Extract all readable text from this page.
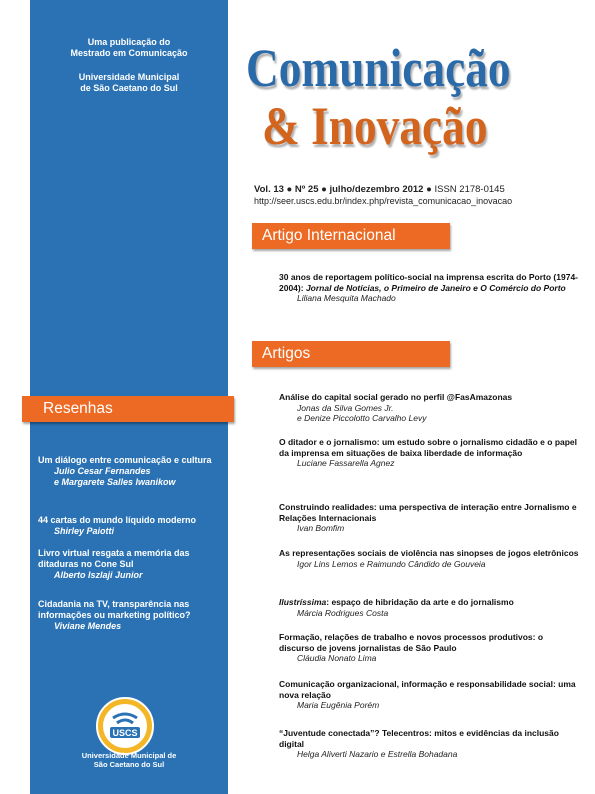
Uma publicação do
Mestrado em Comunicação
Universidade Municipal
de São Caetano do Sul	Comunicação
& Inovação
Vol. 13 ● Nº 25 ● julho/dezembro 2012 ● ISSN 2178-0145
http://seer.uscs.edu.br/index.php/revista_comunicacao_inovacao
Artigo Internacional
Artigos
Resenhas
30 anos de reportagem político-social na imprensa escrita do Porto (1974-2004): Jornal de Notícias, o Primeiro de Janeiro e O Comércio do Porto
Liliana Mesquita Machado
Análise do capital social gerado no perfil @FasAmazonas
Jonas da Silva Gomes Jr.
e Denize Piccolotto Carvalho Levy
O ditador e o jornalismo: um estudo sobre o jornalismo cidadão e o papel da imprensa em situações de baixa liberdade de informação
Luciane Fassarella Agnez
Construindo realidades: uma perspectiva de interação entre Jornalismo e Relações Internacionais
Ivan Bomfim
As representações sociais de violência nas sinopses de jogos eletrônicos
Igor Lins Lemos e Raimundo Cândido de Gouveia
Ilustríssima: espaço de hibridação da arte e do jornalismo
Márcia Rodrigues Costa
Formação, relações de trabalho e novos processos produtivos: o discurso de jovens jornalistas de São Paulo
Cláudia Nonato Lima
Comunicação organizacional, informação e responsabilidade social: uma nova relação
Maria Eugênia Porém
“Juventude conectada”? Telecentros: mitos e evidências da inclusão digital
Helga Aliverti Nazario e Estrella Bohadana
Um diálogo entre comunicação e cultura
Julio Cesar Fernandes
e Margarete Salles Iwanikow
44 cartas do mundo líquido moderno
Shirley Paiotti
Livro virtual resgata a memória das ditaduras no Cone Sul
Alberto Iszlaji Junior
Cidadania na TV, transparência nas informações ou marketing político?
Viviane Mendes
USCS
Universidade Municipal de
São Caetano do Sul
